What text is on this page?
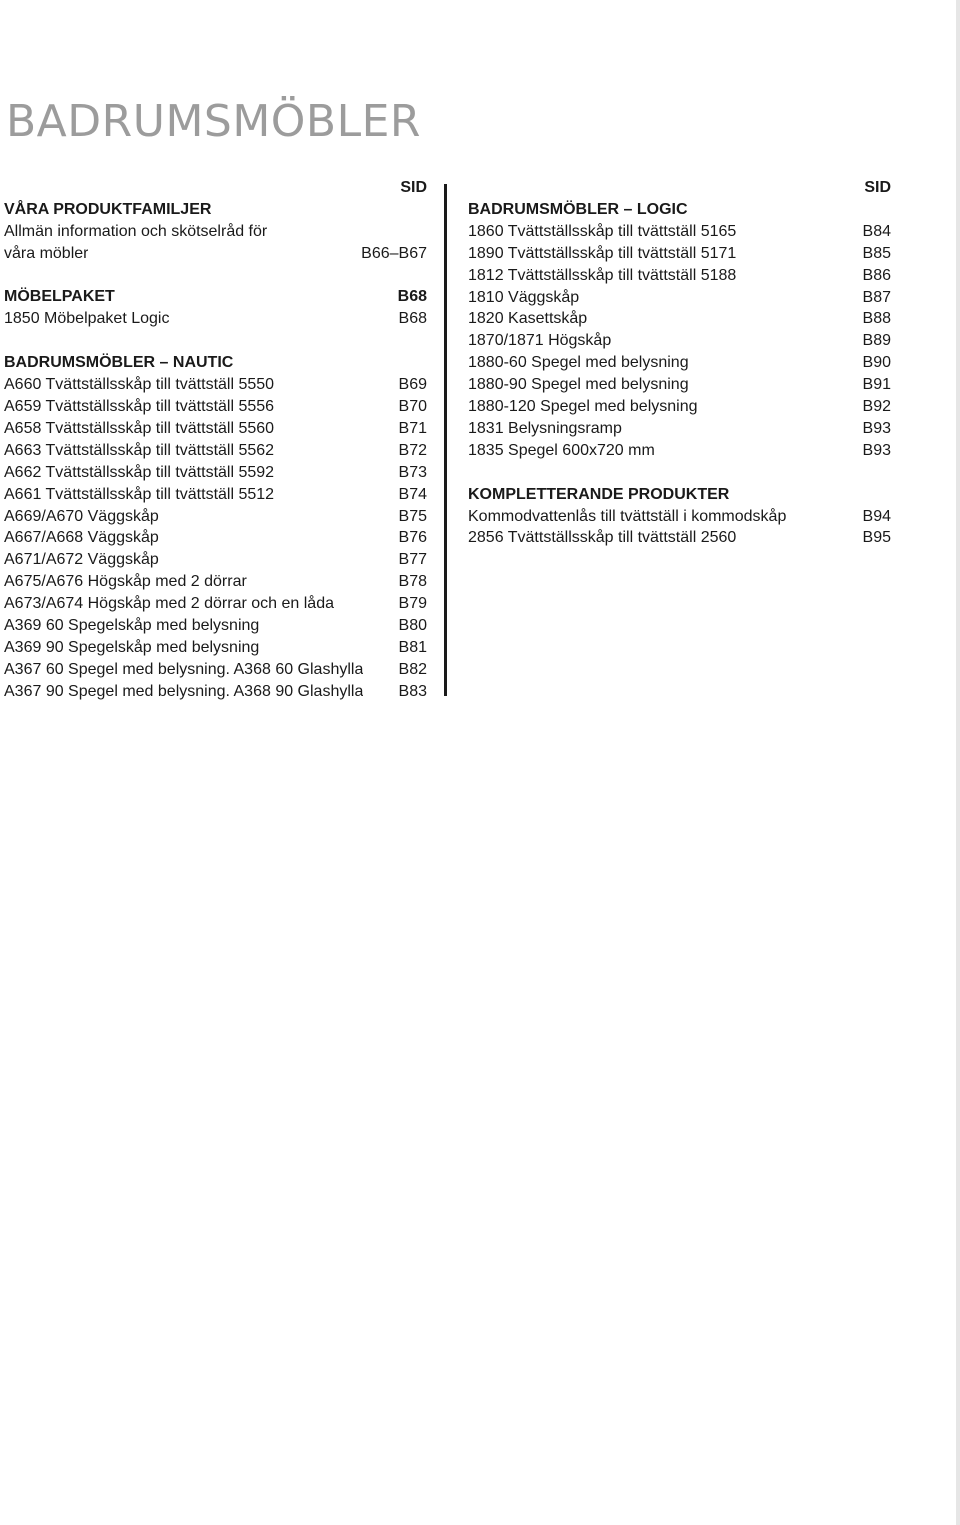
BADRUMSMÖBLER
SID
VÅRA PRODUKTFAMILJER
Allmän information och skötselråd för
våra möbler	B66–B67
MÖBELPAKET	B68
1850 Möbelpaket Logic	B68
BADRUMSMÖBLER – NAUTIC
A660 Tvättställsskåp till tvättställ 5550	B69
A659 Tvättställsskåp till tvättställ 5556	B70
A658 Tvättställsskåp till tvättställ 5560	B71
A663 Tvättställsskåp till tvättställ 5562	B72
A662 Tvättställsskåp till tvättställ 5592	B73
A661 Tvättställsskåp till tvättställ 5512	B74
A669/A670 Väggskåp	B75
A667/A668 Väggskåp	B76
A671/A672 Väggskåp	B77
A675/A676 Högskåp med 2 dörrar	B78
A673/A674 Högskåp med 2 dörrar och en låda	B79
A369 60 Spegelskåp med belysning	B80
A369 90 Spegelskåp med belysning	B81
A367 60 Spegel med belysning. A368 60 Glashylla	B82
A367 90 Spegel med belysning. A368 90 Glashylla	B83
SID
BADRUMSMÖBLER – LOGIC
1860 Tvättställsskåp till tvättställ 5165	B84
1890 Tvättställsskåp till tvättställ 5171	B85
1812 Tvättställsskåp till tvättställ 5188	B86
1810 Väggskåp	B87
1820 Kasettskåp	B88
1870/1871 Högskåp	B89
1880-60 Spegel med belysning	B90
1880-90 Spegel med belysning	B91
1880-120 Spegel med belysning	B92
1831 Belysningsramp	B93
1835 Spegel 600x720 mm	B93
KOMPLETTERANDE PRODUKTER
Kommodvattenlås till tvättställ i kommodskåp	B94
2856 Tvättställsskåp till tvättställ 2560	B95
